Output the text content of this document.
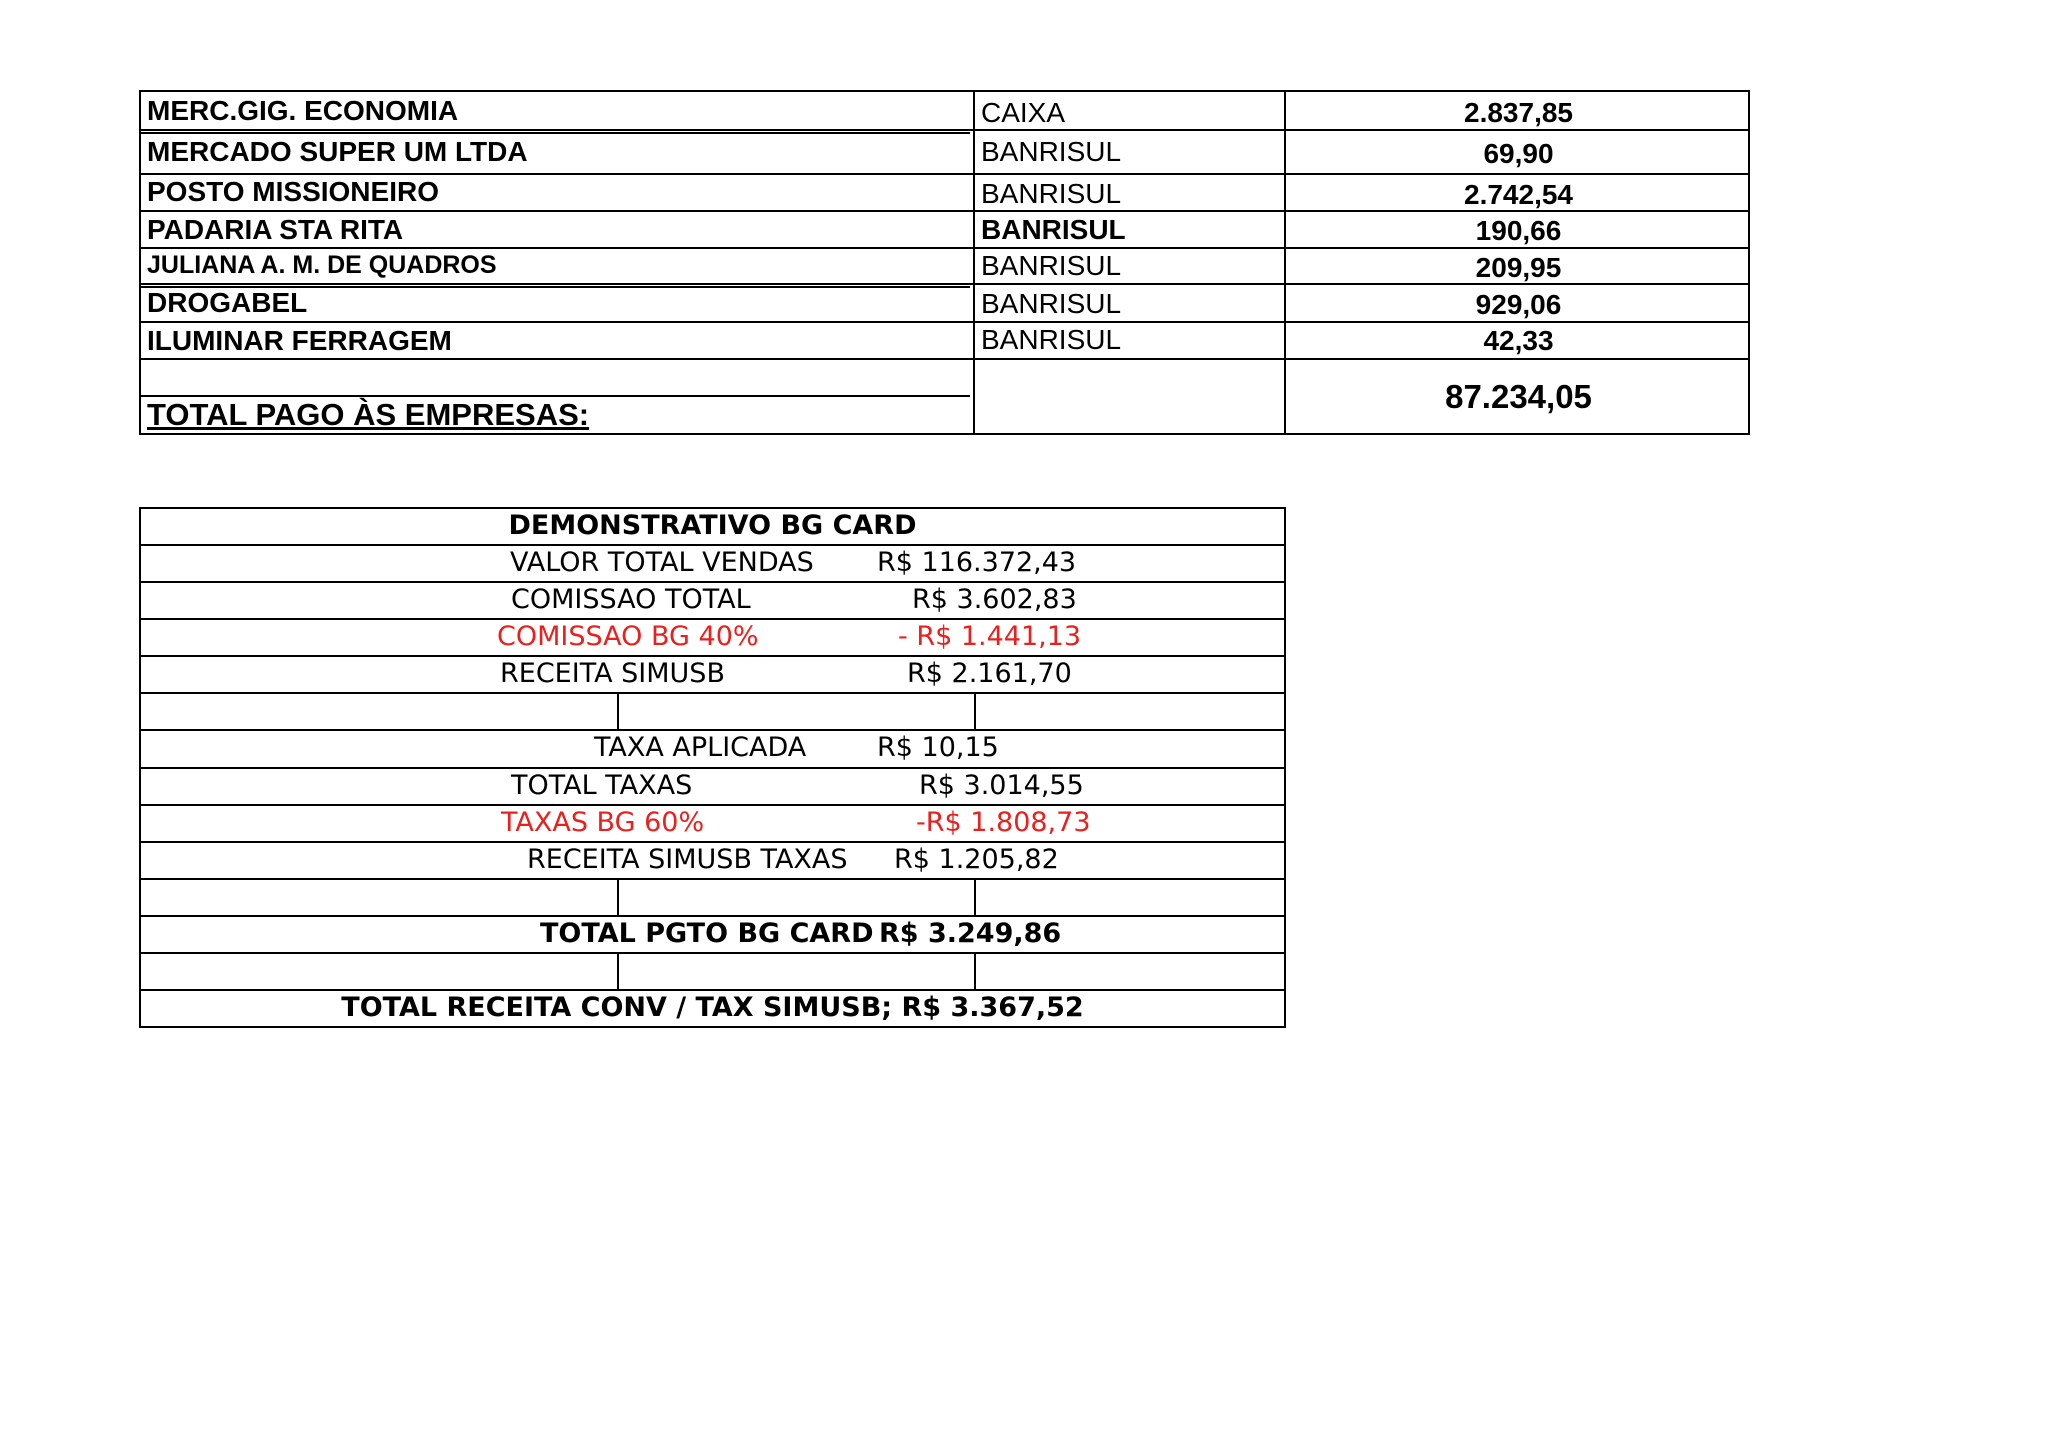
MERC.GIG. ECONOMIA	CAIXA	2.837,85
MERCADO SUPER UM LTDA	BANRISUL	69,90
POSTO MISSIONEIRO	BANRISUL	2.742,54
PADARIA STA RITA	BANRISUL	190,66
JULIANA A. M. DE QUADROS	BANRISUL	209,95
DROGABEL	BANRISUL	929,06
ILUMINAR FERRAGEM	BANRISUL	42,33
TOTAL PAGO ÀS EMPRESAS:	87.234,05
DEMONSTRATIVO BG CARD
VALOR TOTAL VENDAS R$ 116.372,43
COMISSAO TOTAL	R$ 3.602,83
COMISSAO BG 40%	- R$ 1.441,13
RECEITA SIMUSB	R$ 2.161,70
TAXA APLICADA	R$ 10,15
TOTAL TAXAS	R$ 3.014,55
TAXAS BG 60%	-R$ 1.808,73
RECEITA SIMUSB TAXAS R$ 1.205,82
TOTAL PGTO BG CARD R$ 3.249,86
TOTAL RECEITA CONV / TAX SIMUSB; R$ 3.367,52
